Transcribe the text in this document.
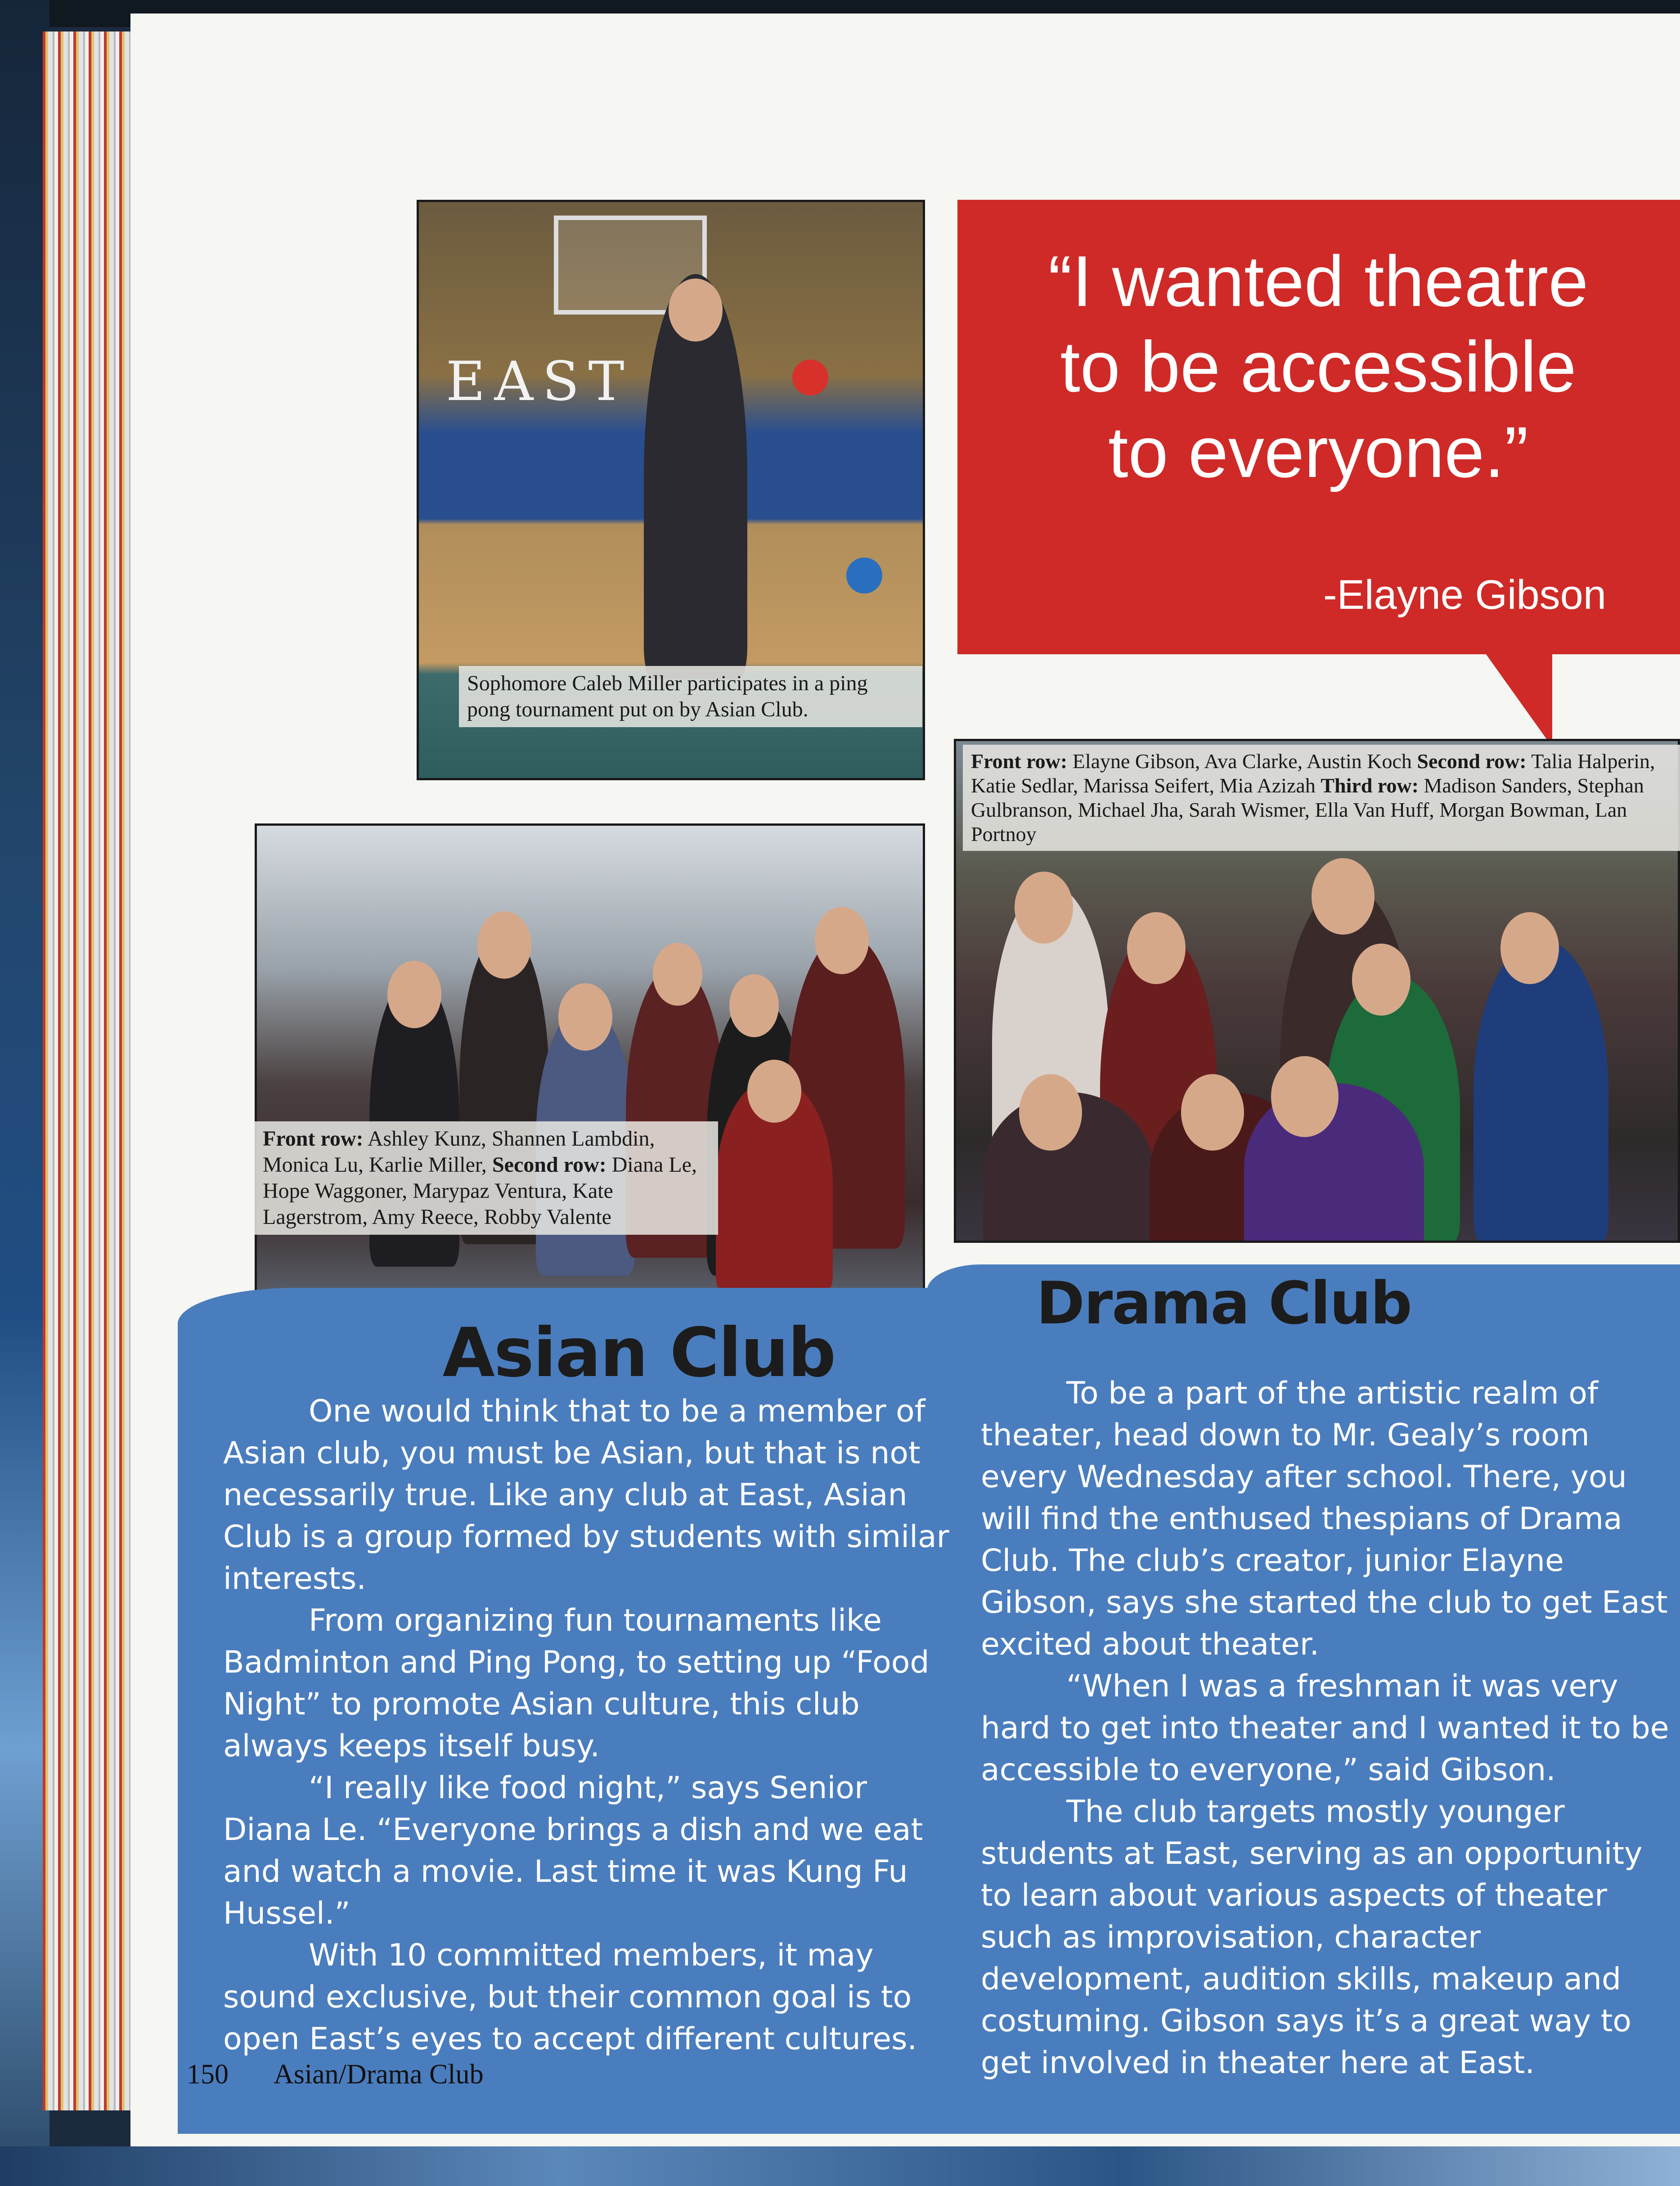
EAST
Sophomore Caleb Miller participates in a ping pong tournament put on by Asian Club.
“I wanted theatre
to be accessible
to everyone.”
-Elayne Gibson
Front row: Ashley Kunz, Shannen Lambdin, Monica Lu, Karlie Miller, Second row: Diana Le, Hope Waggoner, Marypaz Ventura, Kate Lagerstrom, Amy Reece, Robby Valente
Front row: Elayne Gibson, Ava Clarke, Austin Koch Second row: Talia Halperin, Katie Sedlar, Marissa Seifert, Mia Azizah Third row: Madison Sanders, Stephan Gulbranson, Michael Jha, Sarah Wismer, Ella Van Huff, Morgan Bowman, Lan Portnoy
Asian Club

One would think that to be a member of Asian club, you must be Asian, but that is not necessarily true. Like any club at East, Asian Club is a group formed by students with similar interests.

From organizing fun tournaments like Badminton and Ping Pong, to setting up “Food Night” to promote Asian culture, this club always keeps itself busy.

“I really like food night,” says Senior Diana Le. “Everyone brings a dish and we eat and watch a movie. Last time it was Kung Fu Hussel.”

With 10 committed members, it may sound exclusive, but their common goal is to open East’s eyes to accept different cultures.

Drama Club

To be a part of the artistic realm of theater, head down to Mr. Gealy’s room every Wednesday after school. There, you will find the enthused thespians of Drama Club. The club’s creator, junior Elayne Gibson, says she started the club to get East excited about theater.

“When I was a freshman it was very hard to get into theater and I wanted it to be accessible to everyone,” said Gibson.

The club targets mostly younger students at East, serving as an opportunity to learn about various aspects of theater such as improvisation, character development, audition skills, makeup and costuming. Gibson says it’s a great way to get involved in theater here at East.

150 Asian/Drama Club
